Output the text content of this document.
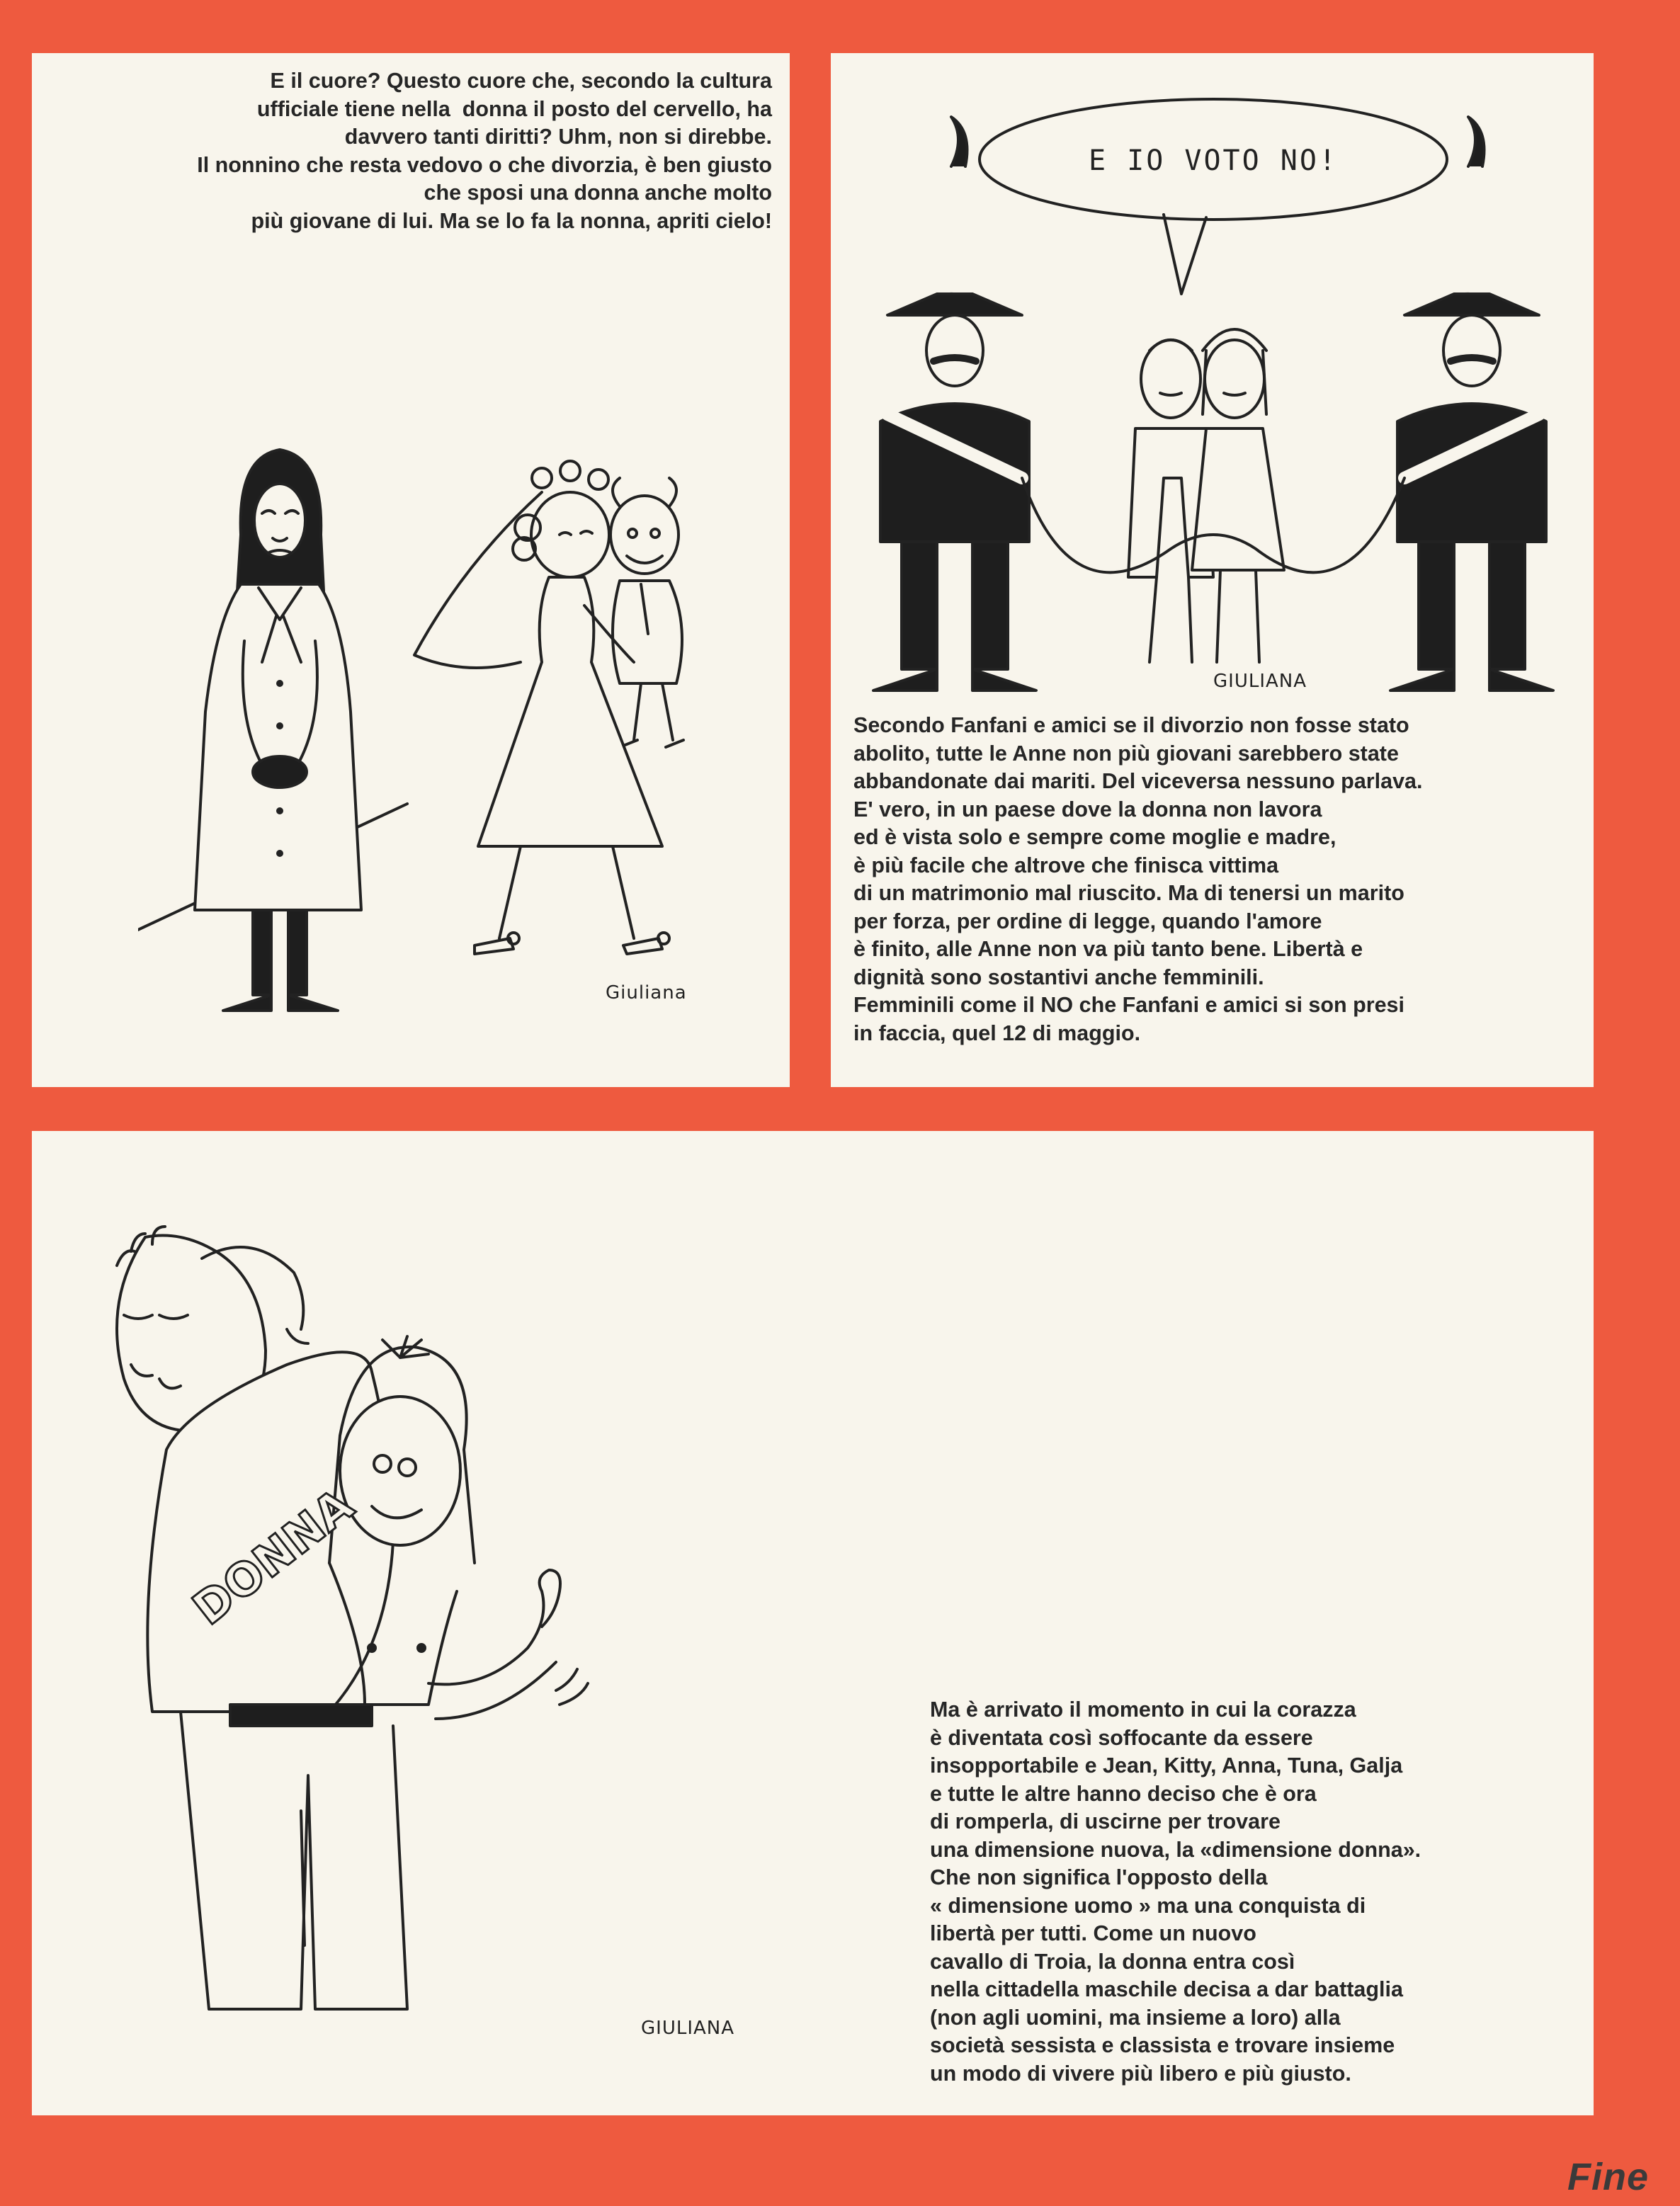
E il cuore? Questo cuore che, secondo la cultura
ufficiale tiene nella  donna il posto del cervello, ha
davvero tanti diritti? Uhm, non si direbbe.
Il nonnino che resta vedovo o che divorzia, è ben giusto
che sposi una donna anche molto
più giovane di lui. Ma se lo fa la nonna, apriti cielo!

Giuliana
E IO VOTO NO!
GIULIANA

Secondo Fanfani e amici se il divorzio non fosse stato
abolito, tutte le Anne non più giovani sarebbero state
abbandonate dai mariti. Del viceversa nessuno parlava.
E' vero, in un paese dove la donna non lavora
ed è vista solo e sempre come moglie e madre,
è più facile che altrove che finisca vittima
di un matrimonio mal riuscito. Ma di tenersi un marito
per forza, per ordine di legge, quando l'amore
è finito, alle Anne non va più tanto bene. Libertà e
dignità sono sostantivi anche femminili.
Femminili come il NO che Fanfani e amici si son presi
in faccia, quel 12 di maggio.

DONNA
GIULIANA

Ma è arrivato il momento in cui la corazza
è diventata così soffocante da essere
insopportabile e Jean, Kitty, Anna, Tuna, Galja
e tutte le altre hanno deciso che è ora
di romperla, di uscirne per trovare
una dimensione nuova, la «dimensione donna».
Che non significa l'opposto della
« dimensione uomo » ma una conquista di
libertà per tutti. Come un nuovo
cavallo di Troia, la donna entra così
nella cittadella maschile decisa a dar battaglia
(non agli uomini, ma insieme a loro) alla
società sessista e classista e trovare insieme
un modo di vivere più libero e più giusto.

Fine
